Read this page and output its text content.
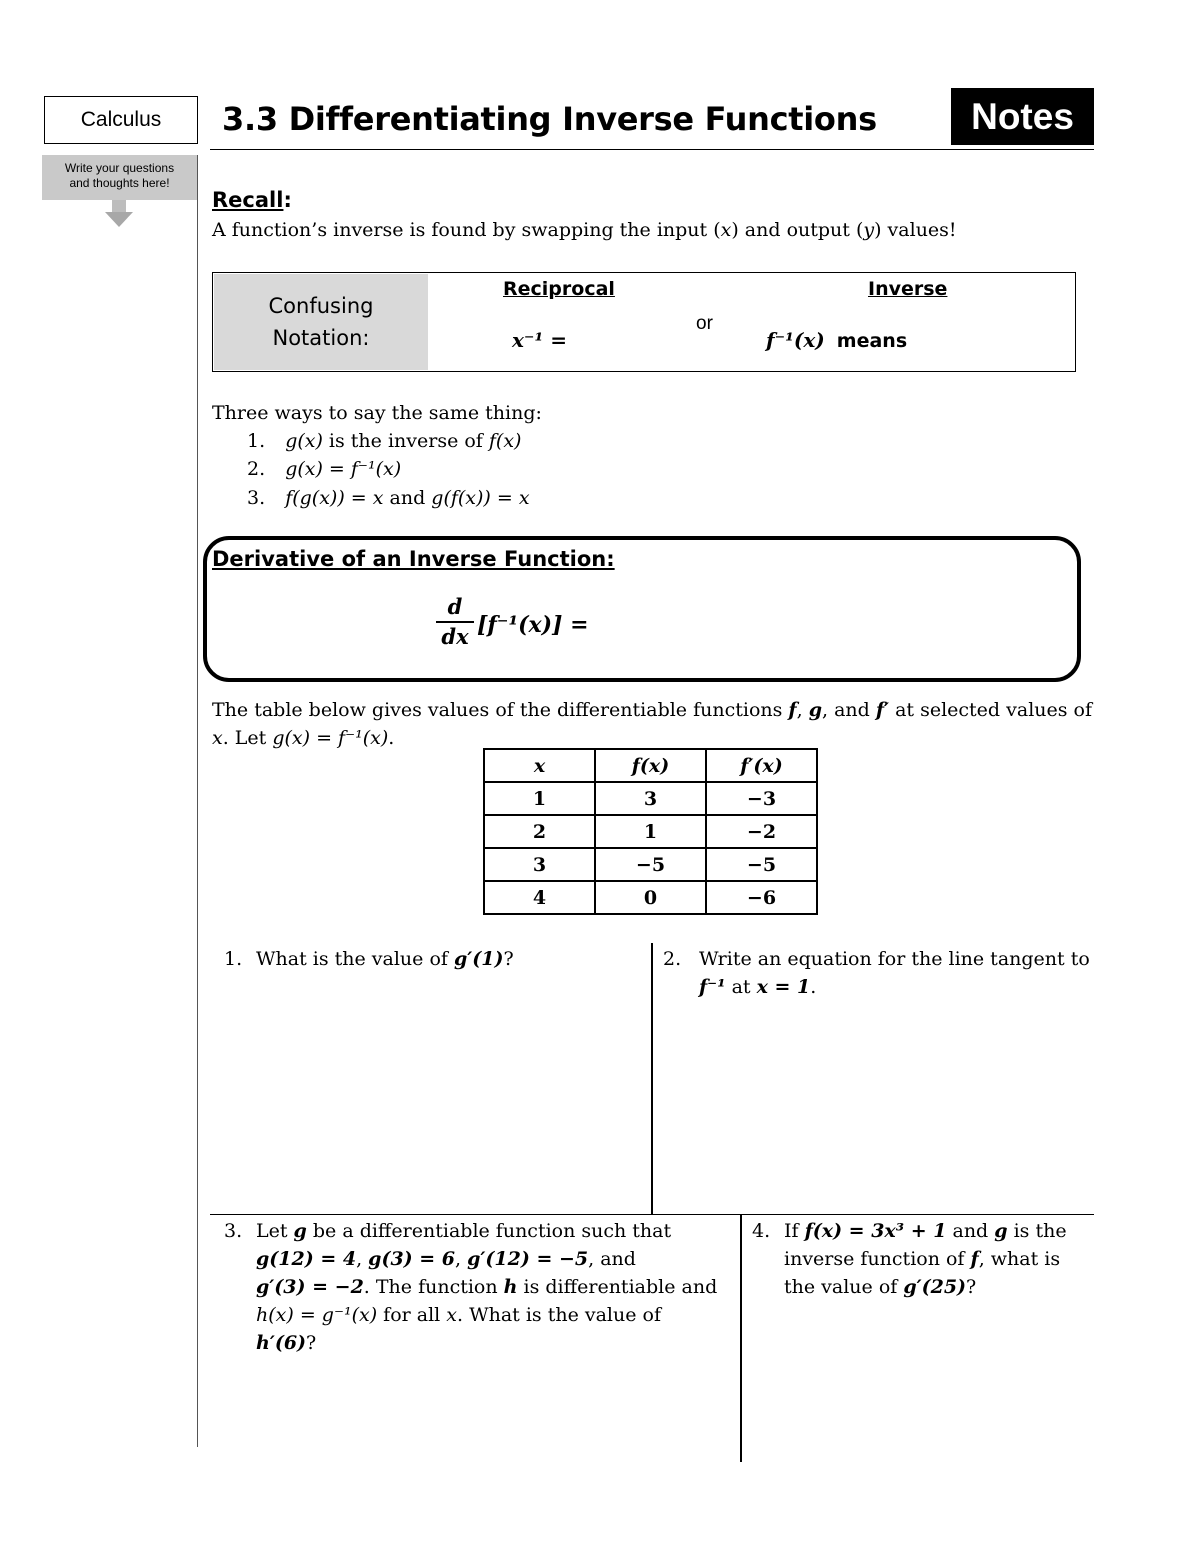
Calculus 3.3 Differentiating Inverse Functions	Notes
Write your questions
and thoughts here!
Recall:
A function’s inverse is found by swapping the input (x) and output (y) values!
Confusing
Notation:
Reciprocal
x⁻¹ =
or
Inverse
f⁻¹(x) means
Three ways to say the same thing:
1. g(x) is the inverse of f(x)
2. g(x) = f⁻¹(x)
3. f(g(x)) = x and g(f(x)) = x
Derivative of an Inverse Function:
d
dx [f⁻¹(x)] =
The table below gives values of the differentiable functions f, g, and f′ at selected values of
x. Let g(x) = f⁻¹(x).
x	f(x)	f′(x)
1	3	−3
2	1	−2
3	−5	−5
4	0	−6
1. What is the value of g′(1)?	2. Write an equation for the line tangent to
f⁻¹ at x = 1.
3. Let g be a differentiable function such that
g(12) = 4, g(3) = 6, g′(12) = −5, and
g′(3) = −2. The function h is differentiable and
h(x) = g⁻¹(x) for all x. What is the value of
h′(6)?
4. If f(x) = 3x³ + 1 and g is the
inverse function of f, what is
the value of g′(25)?
